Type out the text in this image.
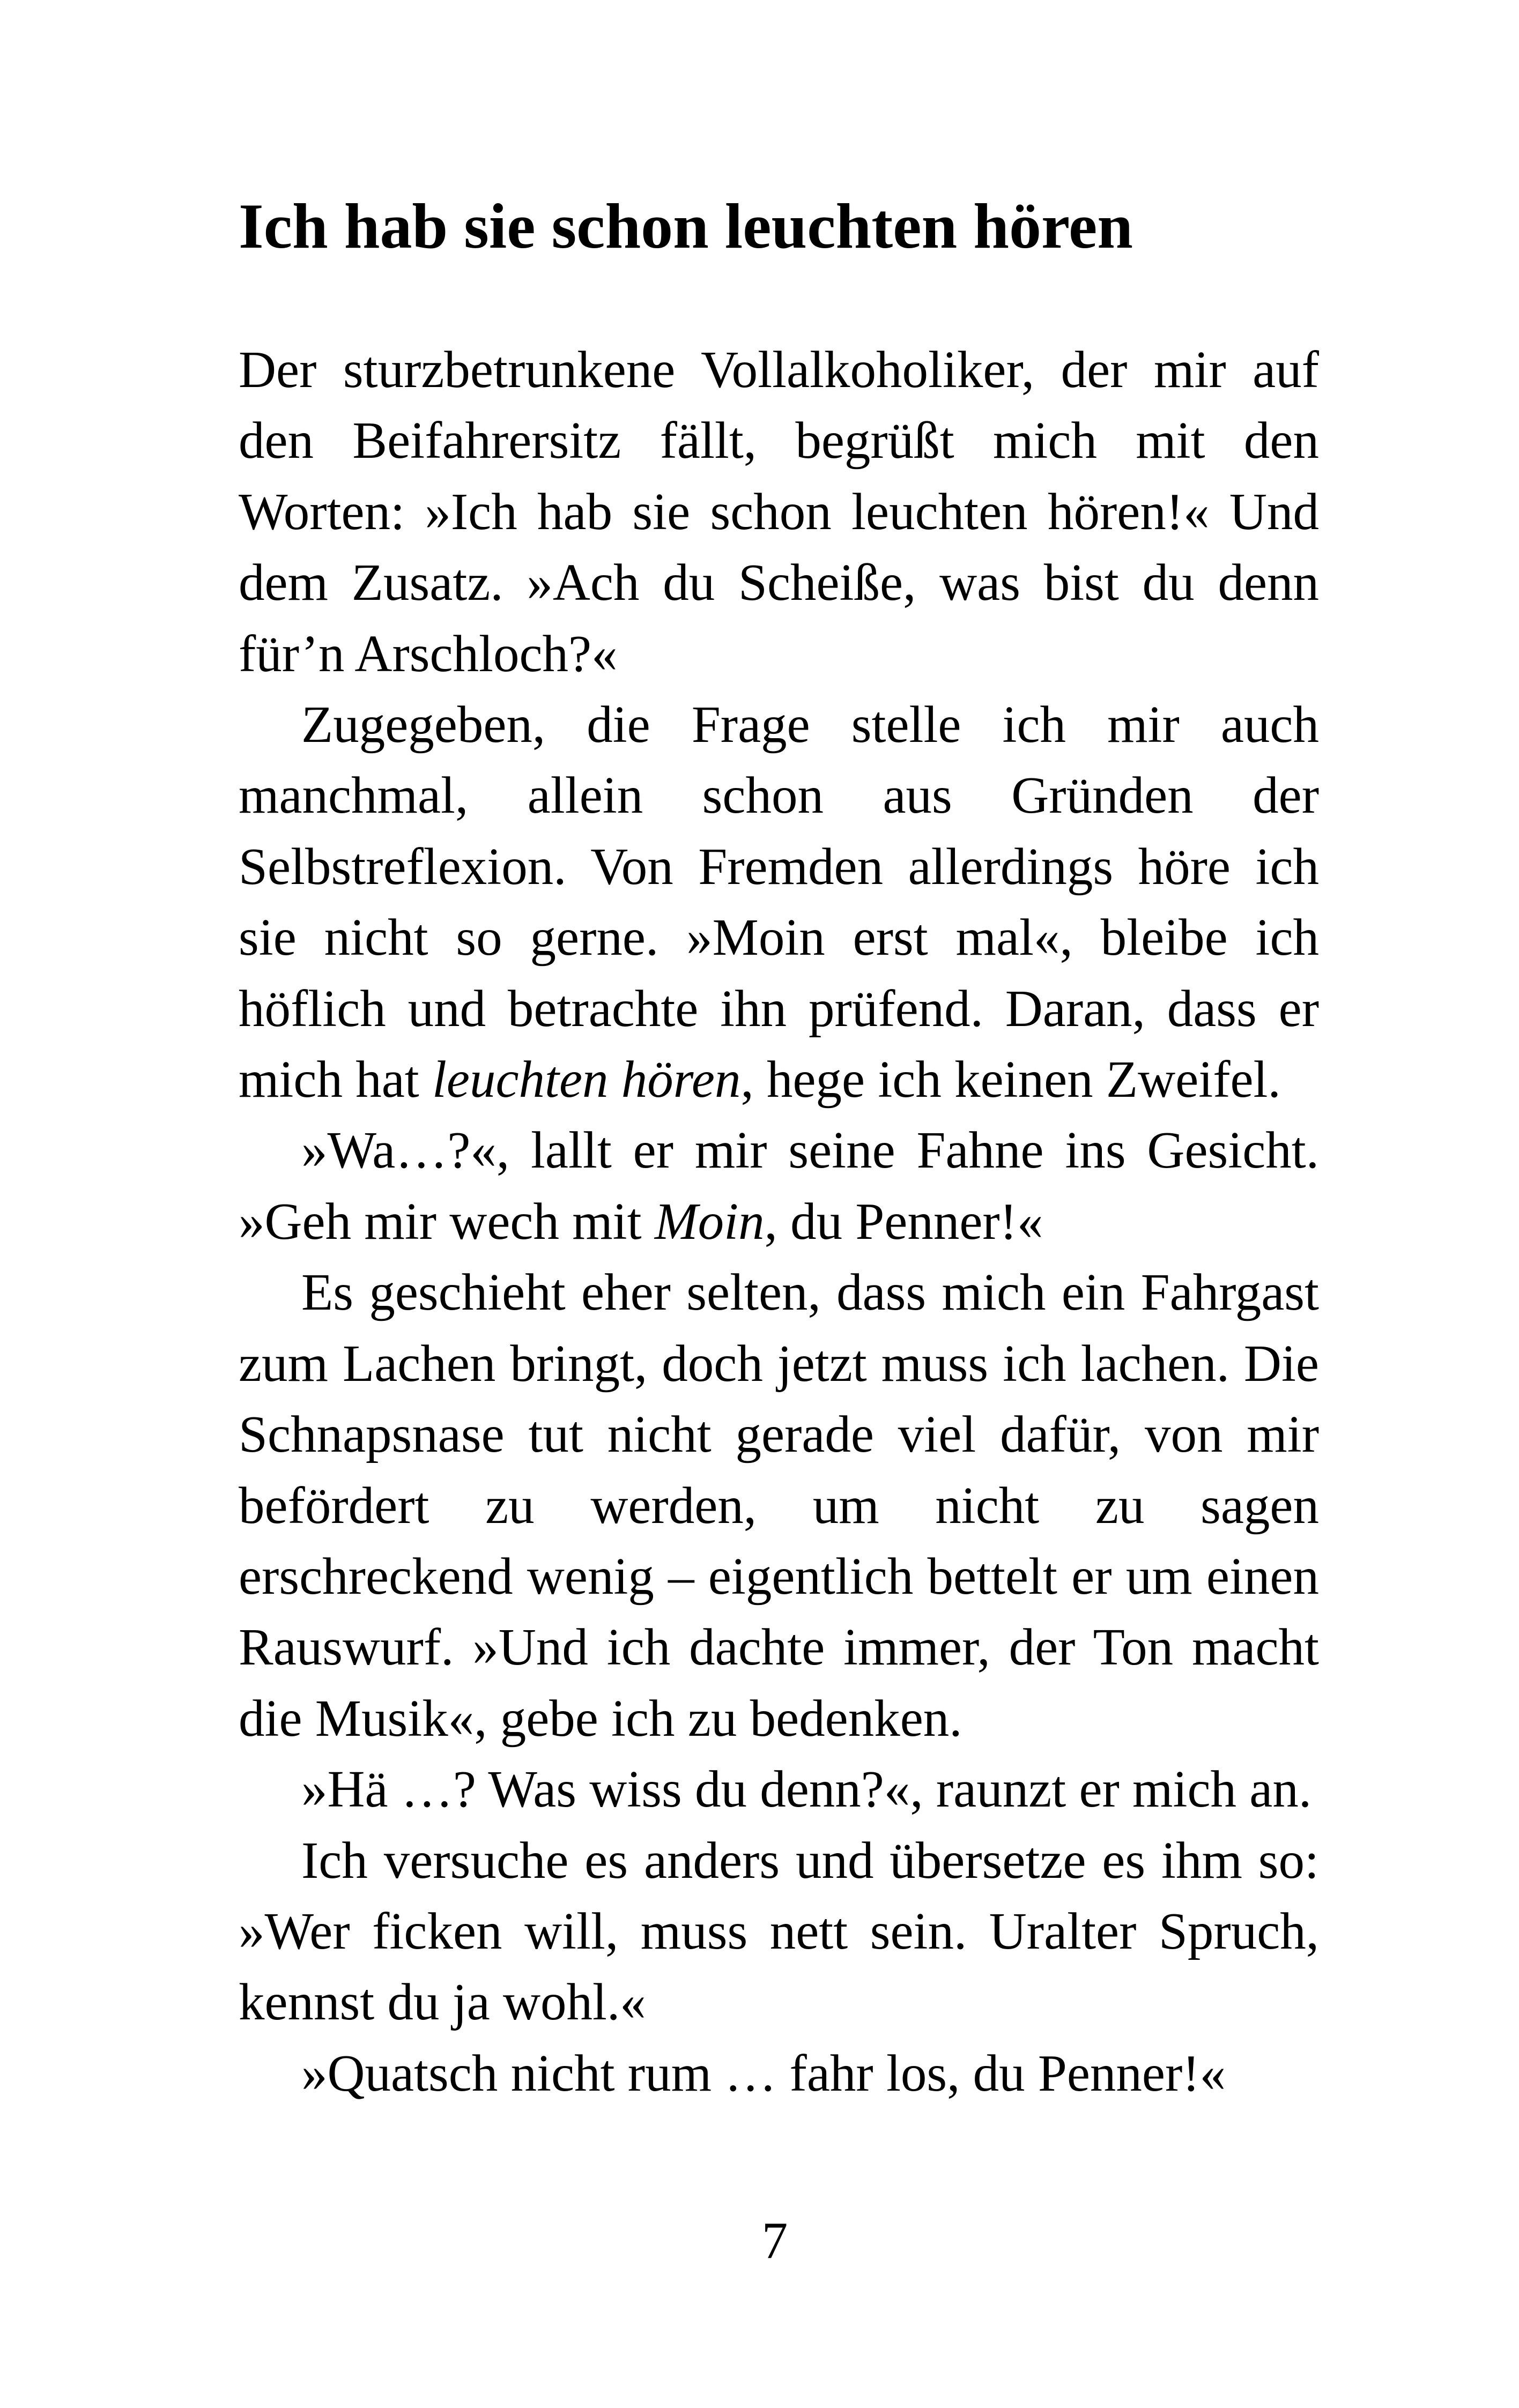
Ich hab sie schon leuchten hören

Der sturzbetrunkene Vollalkoholiker, der mir auf den Beifahrersitz fällt, begrüßt mich mit den Worten: »Ich hab sie schon leuchten hören!« Und dem Zusatz. »Ach du Scheiße, was bist du denn für’n Arschloch?«

Zugegeben, die Frage stelle ich mir auch manchmal, allein schon aus Gründen der Selbstreflexion. Von Fremden allerdings höre ich sie nicht so gerne. »Moin erst mal«, bleibe ich höflich und betrachte ihn prüfend. Daran, dass er mich hat leuchten hören, hege ich keinen Zweifel.

»Wa…?«, lallt er mir seine Fahne ins Gesicht. »Geh mir wech mit Moin, du Penner!«

Es geschieht eher selten, dass mich ein Fahrgast zum Lachen bringt, doch jetzt muss ich lachen. Die Schnapsnase tut nicht gerade viel dafür, von mir befördert zu werden, um nicht zu sagen erschreckend wenig – eigentlich bettelt er um einen Rauswurf. »Und ich dachte immer, der Ton macht die Musik«, gebe ich zu bedenken.

»Hä …? Was wiss du denn?«, raunzt er mich an.

Ich versuche es anders und übersetze es ihm so: »Wer ficken will, muss nett sein. Uralter Spruch, kennst du ja wohl.«

»Quatsch nicht rum … fahr los, du Penner!«

7
